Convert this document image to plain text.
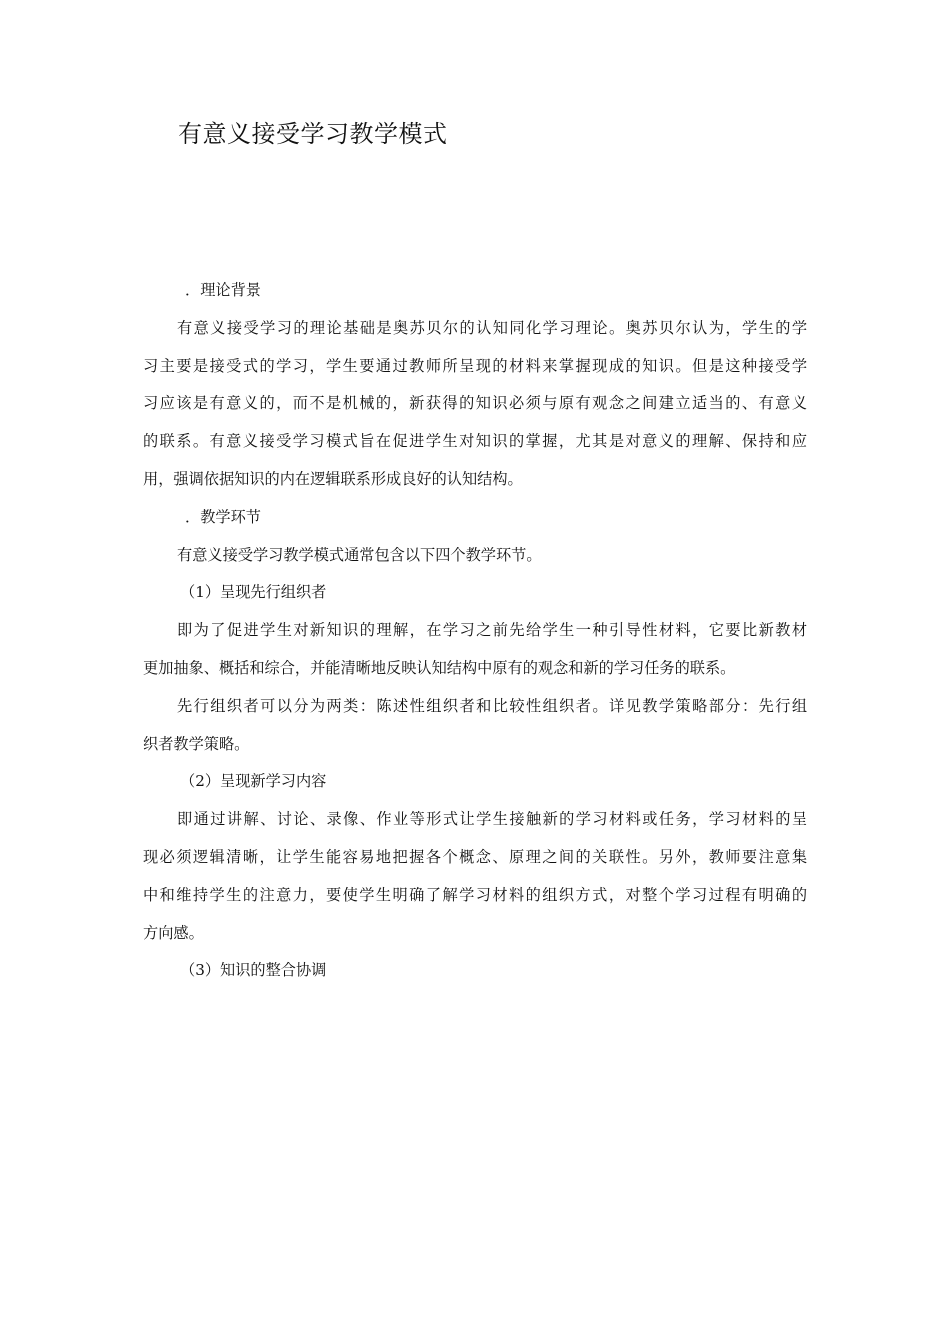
有意义接受学习教学模式
．理论背景
有意义接受学习的理论基础是奥苏贝尔的认知同化学习理论。奥苏贝尔认为，学生的学
习主要是接受式的学习，学生要通过教师所呈现的材料来掌握现成的知识。但是这种接受学
习应该是有意义的，而不是机械的，新获得的知识必须与原有观念之间建立适当的、有意义
的联系。有意义接受学习模式旨在促进学生对知识的掌握，尤其是对意义的理解、保持和应
用，强调依据知识的内在逻辑联系形成良好的认知结构。
．教学环节
有意义接受学习教学模式通常包含以下四个教学环节。
（1）呈现先行组织者
即为了促进学生对新知识的理解，在学习之前先给学生一种引导性材料，它要比新教材
更加抽象、概括和综合，并能清晰地反映认知结构中原有的观念和新的学习任务的联系。
先行组织者可以分为两类：陈述性组织者和比较性组织者。详见教学策略部分：先行组
织者教学策略。
（2）呈现新学习内容
即通过讲解、讨论、录像、作业等形式让学生接触新的学习材料或任务，学习材料的呈
现必须逻辑清晰，让学生能容易地把握各个概念、原理之间的关联性。另外，教师要注意集
中和维持学生的注意力，要使学生明确了解学习材料的组织方式，对整个学习过程有明确的
方向感。
（3）知识的整合协调
